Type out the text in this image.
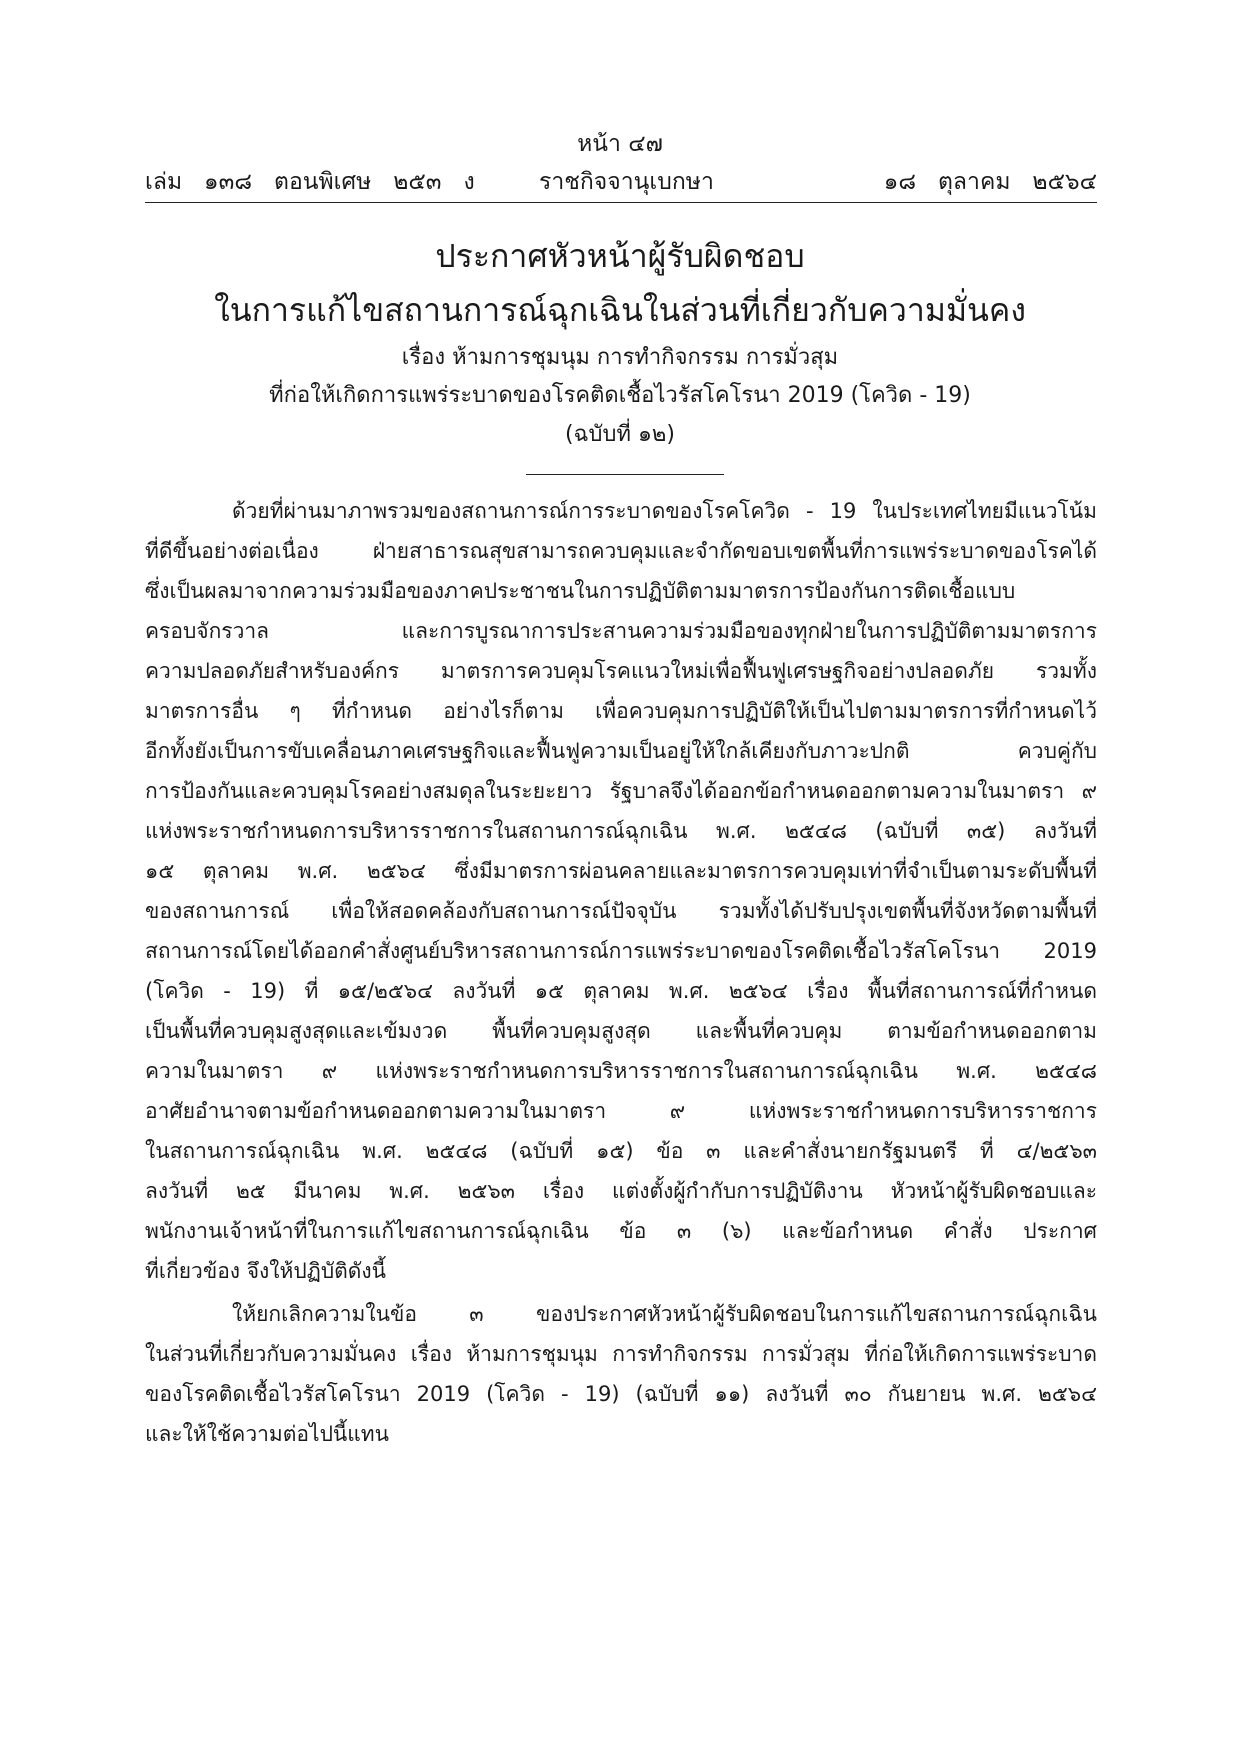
หน้า ๔๗
เล่ม   ๑๓๘   ตอนพิเศษ   ๒๕๓   ง	ราชกิจจานุเบกษา	๑๘   ตุลาคม   ๒๕๖๔
ประกาศหัวหน้าผู้รับผิดชอบ
ในการแก้ไขสถานการณ์ฉุกเฉินในส่วนที่เกี่ยวกับความมั่นคง
เรื่อง ห้ามการชุมนุม การทำกิจกรรม การมั่วสุม
ที่ก่อให้เกิดการแพร่ระบาดของโรคติดเชื้อไวรัสโคโรนา 2019 (โควิด - 19)
(ฉบับที่ ๑๒)
ด้วยที่ผ่านมาภาพรวมของสถานการณ์การระบาดของโรคโควิด - 19 ในประเทศไทยมีแนวโน้ม
ที่ดีขึ้นอย่างต่อเนื่อง ฝ่ายสาธารณสุขสามารถควบคุมและจำกัดขอบเขตพื้นที่การแพร่ระบาดของโรคได้
ซึ่งเป็นผลมาจากความร่วมมือของภาคประชาชนในการปฏิบัติตามมาตรการป้องกันการติดเชื้อแบบ
ครอบจักรวาล และการบูรณาการประสานความร่วมมือของทุกฝ่ายในการปฏิบัติตามมาตรการ
ความปลอดภัยสำหรับองค์กร มาตรการควบคุมโรคแนวใหม่เพื่อฟื้นฟูเศรษฐกิจอย่างปลอดภัย รวมทั้ง
มาตรการอื่น ๆ ที่กำหนด อย่างไรก็ตาม เพื่อควบคุมการปฏิบัติให้เป็นไปตามมาตรการที่กำหนดไว้
อีกทั้งยังเป็นการขับเคลื่อนภาคเศรษฐกิจและฟื้นฟูความเป็นอยู่ให้ใกล้เคียงกับภาวะปกติ ควบคู่กับ
การป้องกันและควบคุมโรคอย่างสมดุลในระยะยาว รัฐบาลจึงได้ออกข้อกำหนดออกตามความในมาตรา ๙
แห่งพระราชกำหนดการบริหารราชการในสถานการณ์ฉุกเฉิน พ.ศ. ๒๕๔๘ (ฉบับที่ ๓๕) ลงวันที่
๑๕ ตุลาคม พ.ศ. ๒๕๖๔ ซึ่งมีมาตรการผ่อนคลายและมาตรการควบคุมเท่าที่จำเป็นตามระดับพื้นที่
ของสถานการณ์ เพื่อให้สอดคล้องกับสถานการณ์ปัจจุบัน รวมทั้งได้ปรับปรุงเขตพื้นที่จังหวัดตามพื้นที่
สถานการณ์โดยได้ออกคำสั่งศูนย์บริหารสถานการณ์การแพร่ระบาดของโรคติดเชื้อไวรัสโคโรนา 2019
(โควิด - 19) ที่ ๑๕/๒๕๖๔ ลงวันที่ ๑๕ ตุลาคม พ.ศ. ๒๕๖๔ เรื่อง พื้นที่สถานการณ์ที่กำหนด
เป็นพื้นที่ควบคุมสูงสุดและเข้มงวด พื้นที่ควบคุมสูงสุด และพื้นที่ควบคุม ตามข้อกำหนดออกตาม
ความในมาตรา ๙ แห่งพระราชกำหนดการบริหารราชการในสถานการณ์ฉุกเฉิน พ.ศ. ๒๕๔๘
อาศัยอำนาจตามข้อกำหนดออกตามความในมาตรา ๙ แห่งพระราชกำหนดการบริหารราชการ
ในสถานการณ์ฉุกเฉิน พ.ศ. ๒๕๔๘ (ฉบับที่ ๑๕) ข้อ ๓ และคำสั่งนายกรัฐมนตรี ที่ ๔/๒๕๖๓
ลงวันที่ ๒๕ มีนาคม พ.ศ. ๒๕๖๓ เรื่อง แต่งตั้งผู้กำกับการปฏิบัติงาน หัวหน้าผู้รับผิดชอบและ
พนักงานเจ้าหน้าที่ในการแก้ไขสถานการณ์ฉุกเฉิน ข้อ ๓ (๖) และข้อกำหนด คำสั่ง ประกาศ
ที่เกี่ยวข้อง จึงให้ปฏิบัติดังนี้
ให้ยกเลิกความในข้อ ๓ ของประกาศหัวหน้าผู้รับผิดชอบในการแก้ไขสถานการณ์ฉุกเฉิน
ในส่วนที่เกี่ยวกับความมั่นคง เรื่อง ห้ามการชุมนุม การทำกิจกรรม การมั่วสุม ที่ก่อให้เกิดการแพร่ระบาด
ของโรคติดเชื้อไวรัสโคโรนา 2019 (โควิด - 19) (ฉบับที่ ๑๑) ลงวันที่ ๓๐ กันยายน พ.ศ. ๒๕๖๔
และให้ใช้ความต่อไปนี้แทน
